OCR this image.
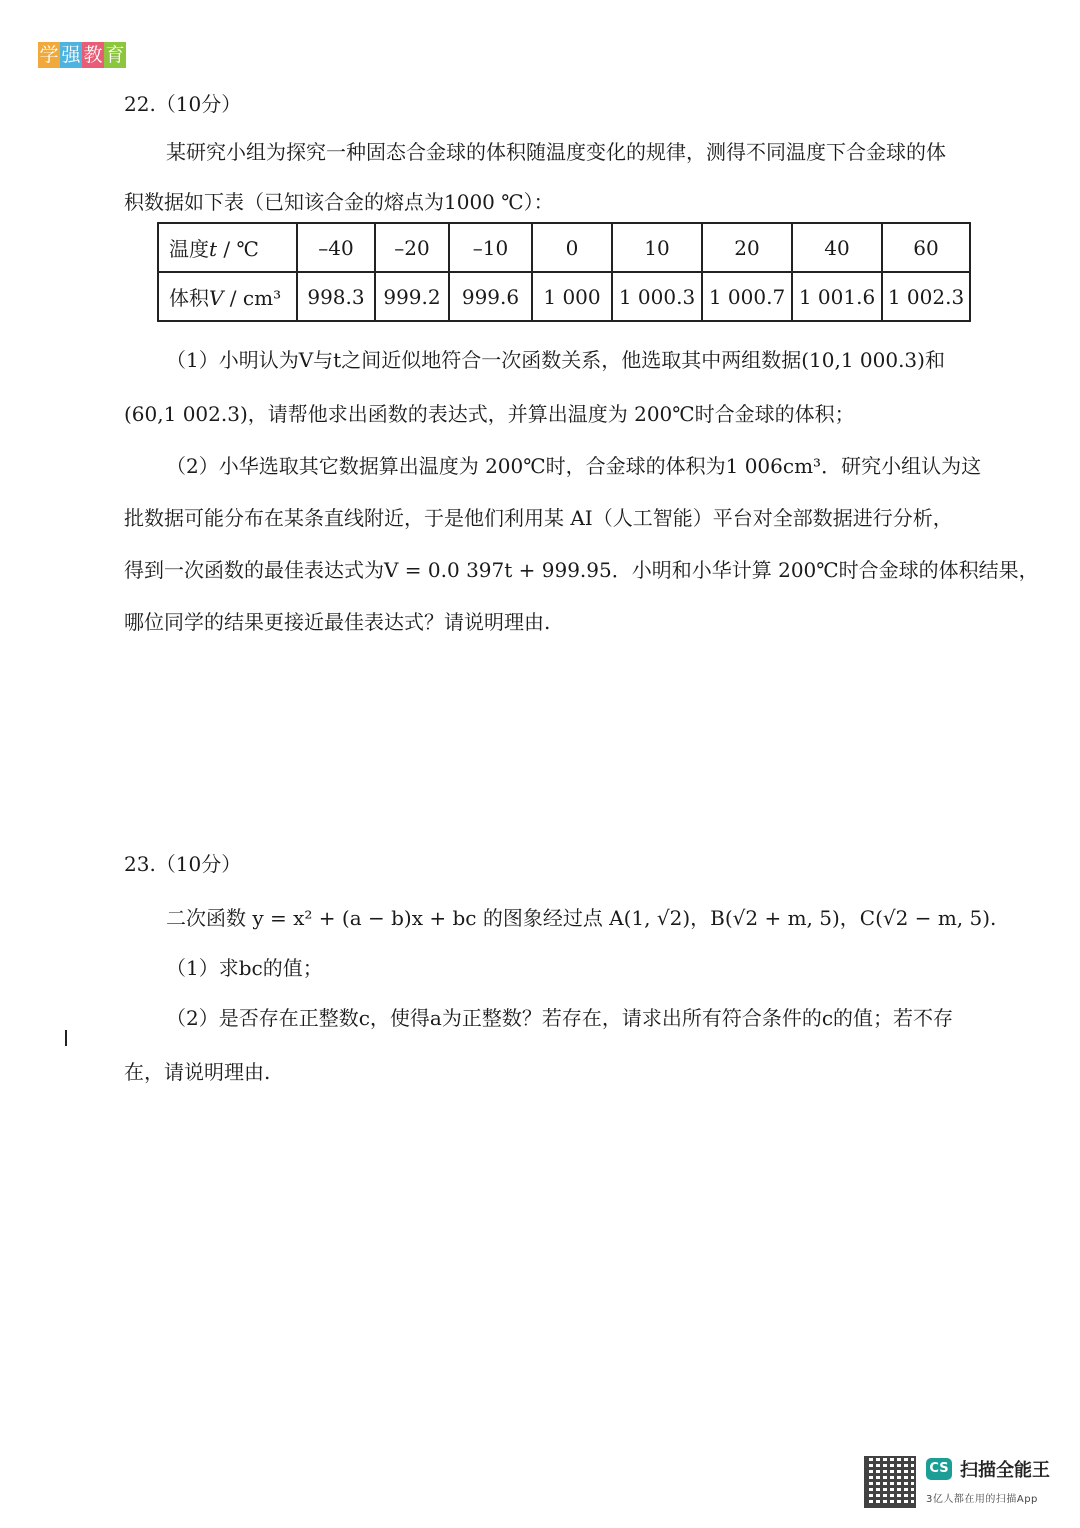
学 强 教 育
22.（10分）
某研究小组为探究一种固态合金球的体积随温度变化的规律，测得不同温度下合金球的体
积数据如下表（已知该合金的熔点为1000 ℃）：
温度t / ℃	–40	–20	–10	0	10	20	40	60
体积V / cm³	998.3	999.2	999.6	1 000	1 000.3	1 000.7	1 001.6	1 002.3
（1）小明认为V与t之间近似地符合一次函数关系，他选取其中两组数据(10,1 000.3)和
(60,1 002.3)，请帮他求出函数的表达式，并算出温度为 200℃时合金球的体积；
（2）小华选取其它数据算出温度为 200℃时，合金球的体积为1 006cm³．研究小组认为这
批数据可能分布在某条直线附近，于是他们利用某 AI（人工智能）平台对全部数据进行分析，
得到一次函数的最佳表达式为V = 0.0 397t + 999.95．小明和小华计算 200℃时合金球的体积结果，
哪位同学的结果更接近最佳表达式？请说明理由.
23.（10分）
二次函数 y = x² + (a − b)x + bc 的图象经过点 A(1, √2)，B(√2 + m, 5)，C(√2 − m, 5).
（1）求bc的值；
（2）是否存在正整数c，使得a为正整数？若存在，请求出所有符合条件的c的值；若不存
在，请说明理由.
CS 扫描全能王
3亿人都在用的扫描App
